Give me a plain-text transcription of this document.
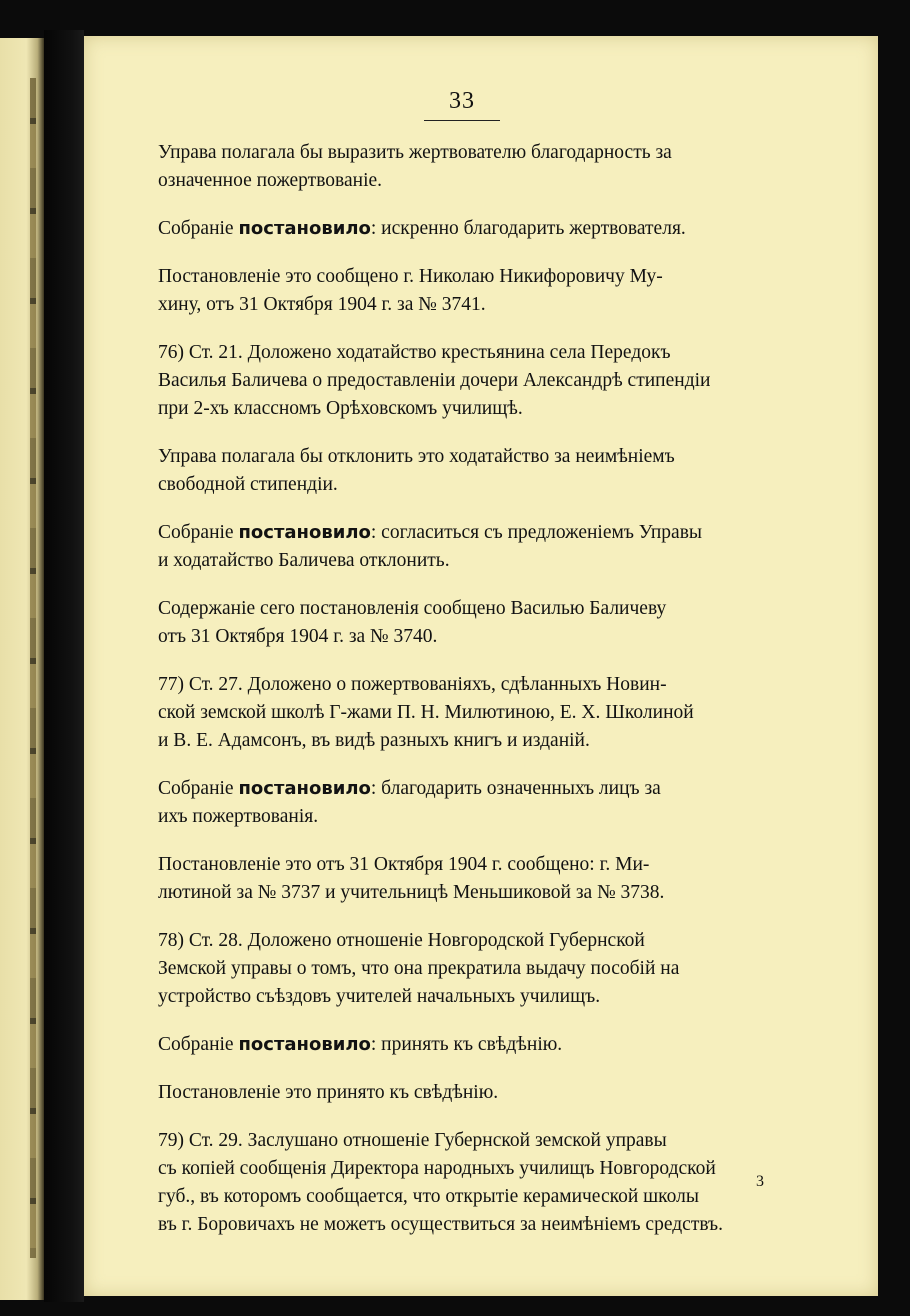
33
Управа полагала бы выразить жертвователю благодарность за
означенное пожертвованіе.
Собраніе постановило: искренно благодарить жертвователя.
Постановленіе это сообщено г. Николаю Никифоровичу Му-
хину, отъ 31 Октября 1904 г. за № 3741.
76) Ст. 21. Доложено ходатайство крестьянина села Передокъ
Василья Баличева о предоставленіи дочери Александрѣ стипендіи
при 2-хъ классномъ Орѣховскомъ училищѣ.
Управа полагала бы отклонить это ходатайство за неимѣніемъ
свободной стипендіи.
Собраніе постановило: согласиться съ предложеніемъ Управы
и ходатайство Баличева отклонить.
Содержаніе сего постановленія сообщено Василью Баличеву
отъ 31 Октября 1904 г. за № 3740.
77) Ст. 27. Доложено о пожертвованіяхъ, сдѣланныхъ Новин-
ской земской школѣ Г-жами П. Н. Милютиною, Е. Х. Школиной
и В. Е. Адамсонъ, въ видѣ разныхъ книгъ и изданій.
Собраніе постановило: благодарить означенныхъ лицъ за
ихъ пожертвованія.
Постановленіе это отъ 31 Октября 1904 г. сообщено: г. Ми-
лютиной за № 3737 и учительницѣ Меньшиковой за № 3738.
78) Ст. 28. Доложено отношеніе Новгородской Губернской
Земской управы о томъ, что она прекратила выдачу пособій на
устройство съѣздовъ учителей начальныхъ училищъ.
Собраніе постановило: принять къ свѣдѣнію.
Постановленіе это принято къ свѣдѣнію.
79) Ст. 29. Заслушано отношеніе Губернской земской управы
съ копіей сообщенія Директора народныхъ училищъ Новгородской
губ., въ которомъ сообщается, что открытіе керамической школы
въ г. Боровичахъ не можетъ осуществиться за неимѣніемъ средствъ.
3
